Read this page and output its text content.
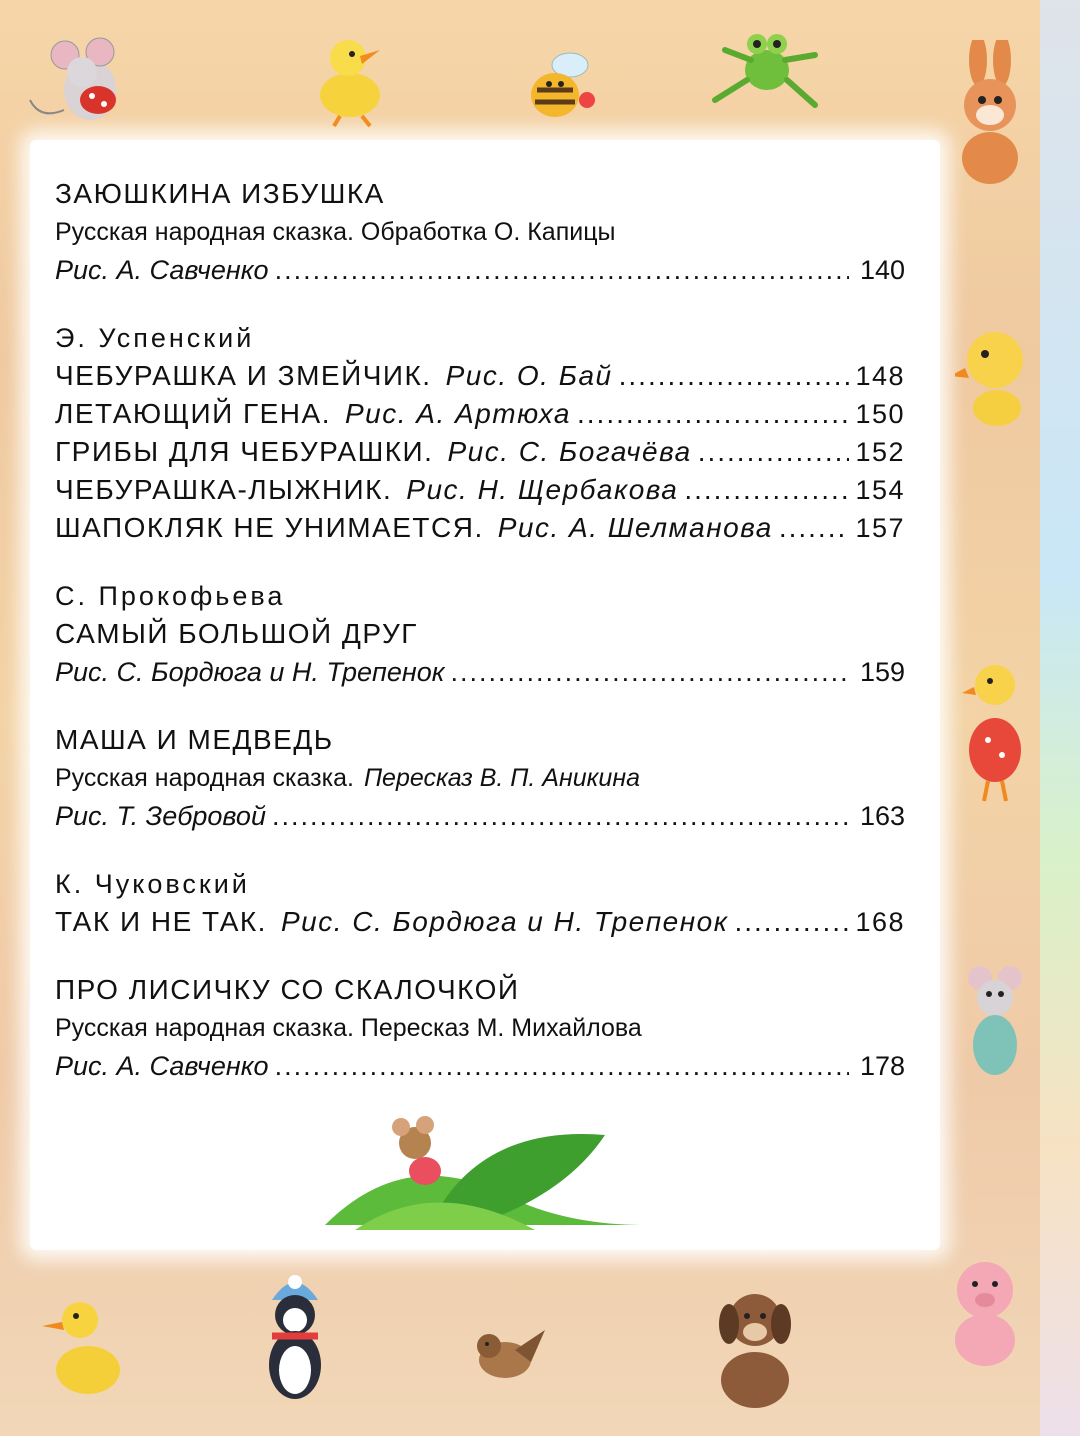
ЗАЮШКИНА ИЗБУШКА
Русская народная сказка. Обработка О. Капицы
Рис. А. Савченко .....	140
Э. Успенский
ЧЕБУРАШКА И ЗМЕЙЧИК. Рис. О. Бай .....	148
ЛЕТАЮЩИЙ ГЕНА. Рис. А. Артюха .....	150
ГРИБЫ ДЛЯ ЧЕБУРАШКИ. Рис. С. Богачёва .....	152
ЧЕБУРАШКА-ЛЫЖНИК. Рис. Н. Щербакова .....	154
ШАПОКЛЯК НЕ УНИМАЕТСЯ. Рис. А. Шелманова .....	157
С. Прокофьева
САМЫЙ БОЛЬШОЙ ДРУГ
Рис. С. Бордюга и Н. Трепенок .....	159
МАША И МЕДВЕДЬ
Русская народная сказка. Пересказ В. П. Аникина
Рис. Т. Зебровой .....	163
К. Чуковский
ТАК И НЕ ТАК. Рис. С. Бордюга и Н. Трепенок .....	168
ПРО ЛИСИЧКУ СО СКАЛОЧКОЙ
Русская народная сказка. Пересказ М. Михайлова
Рис. А. Савченко .....	178
